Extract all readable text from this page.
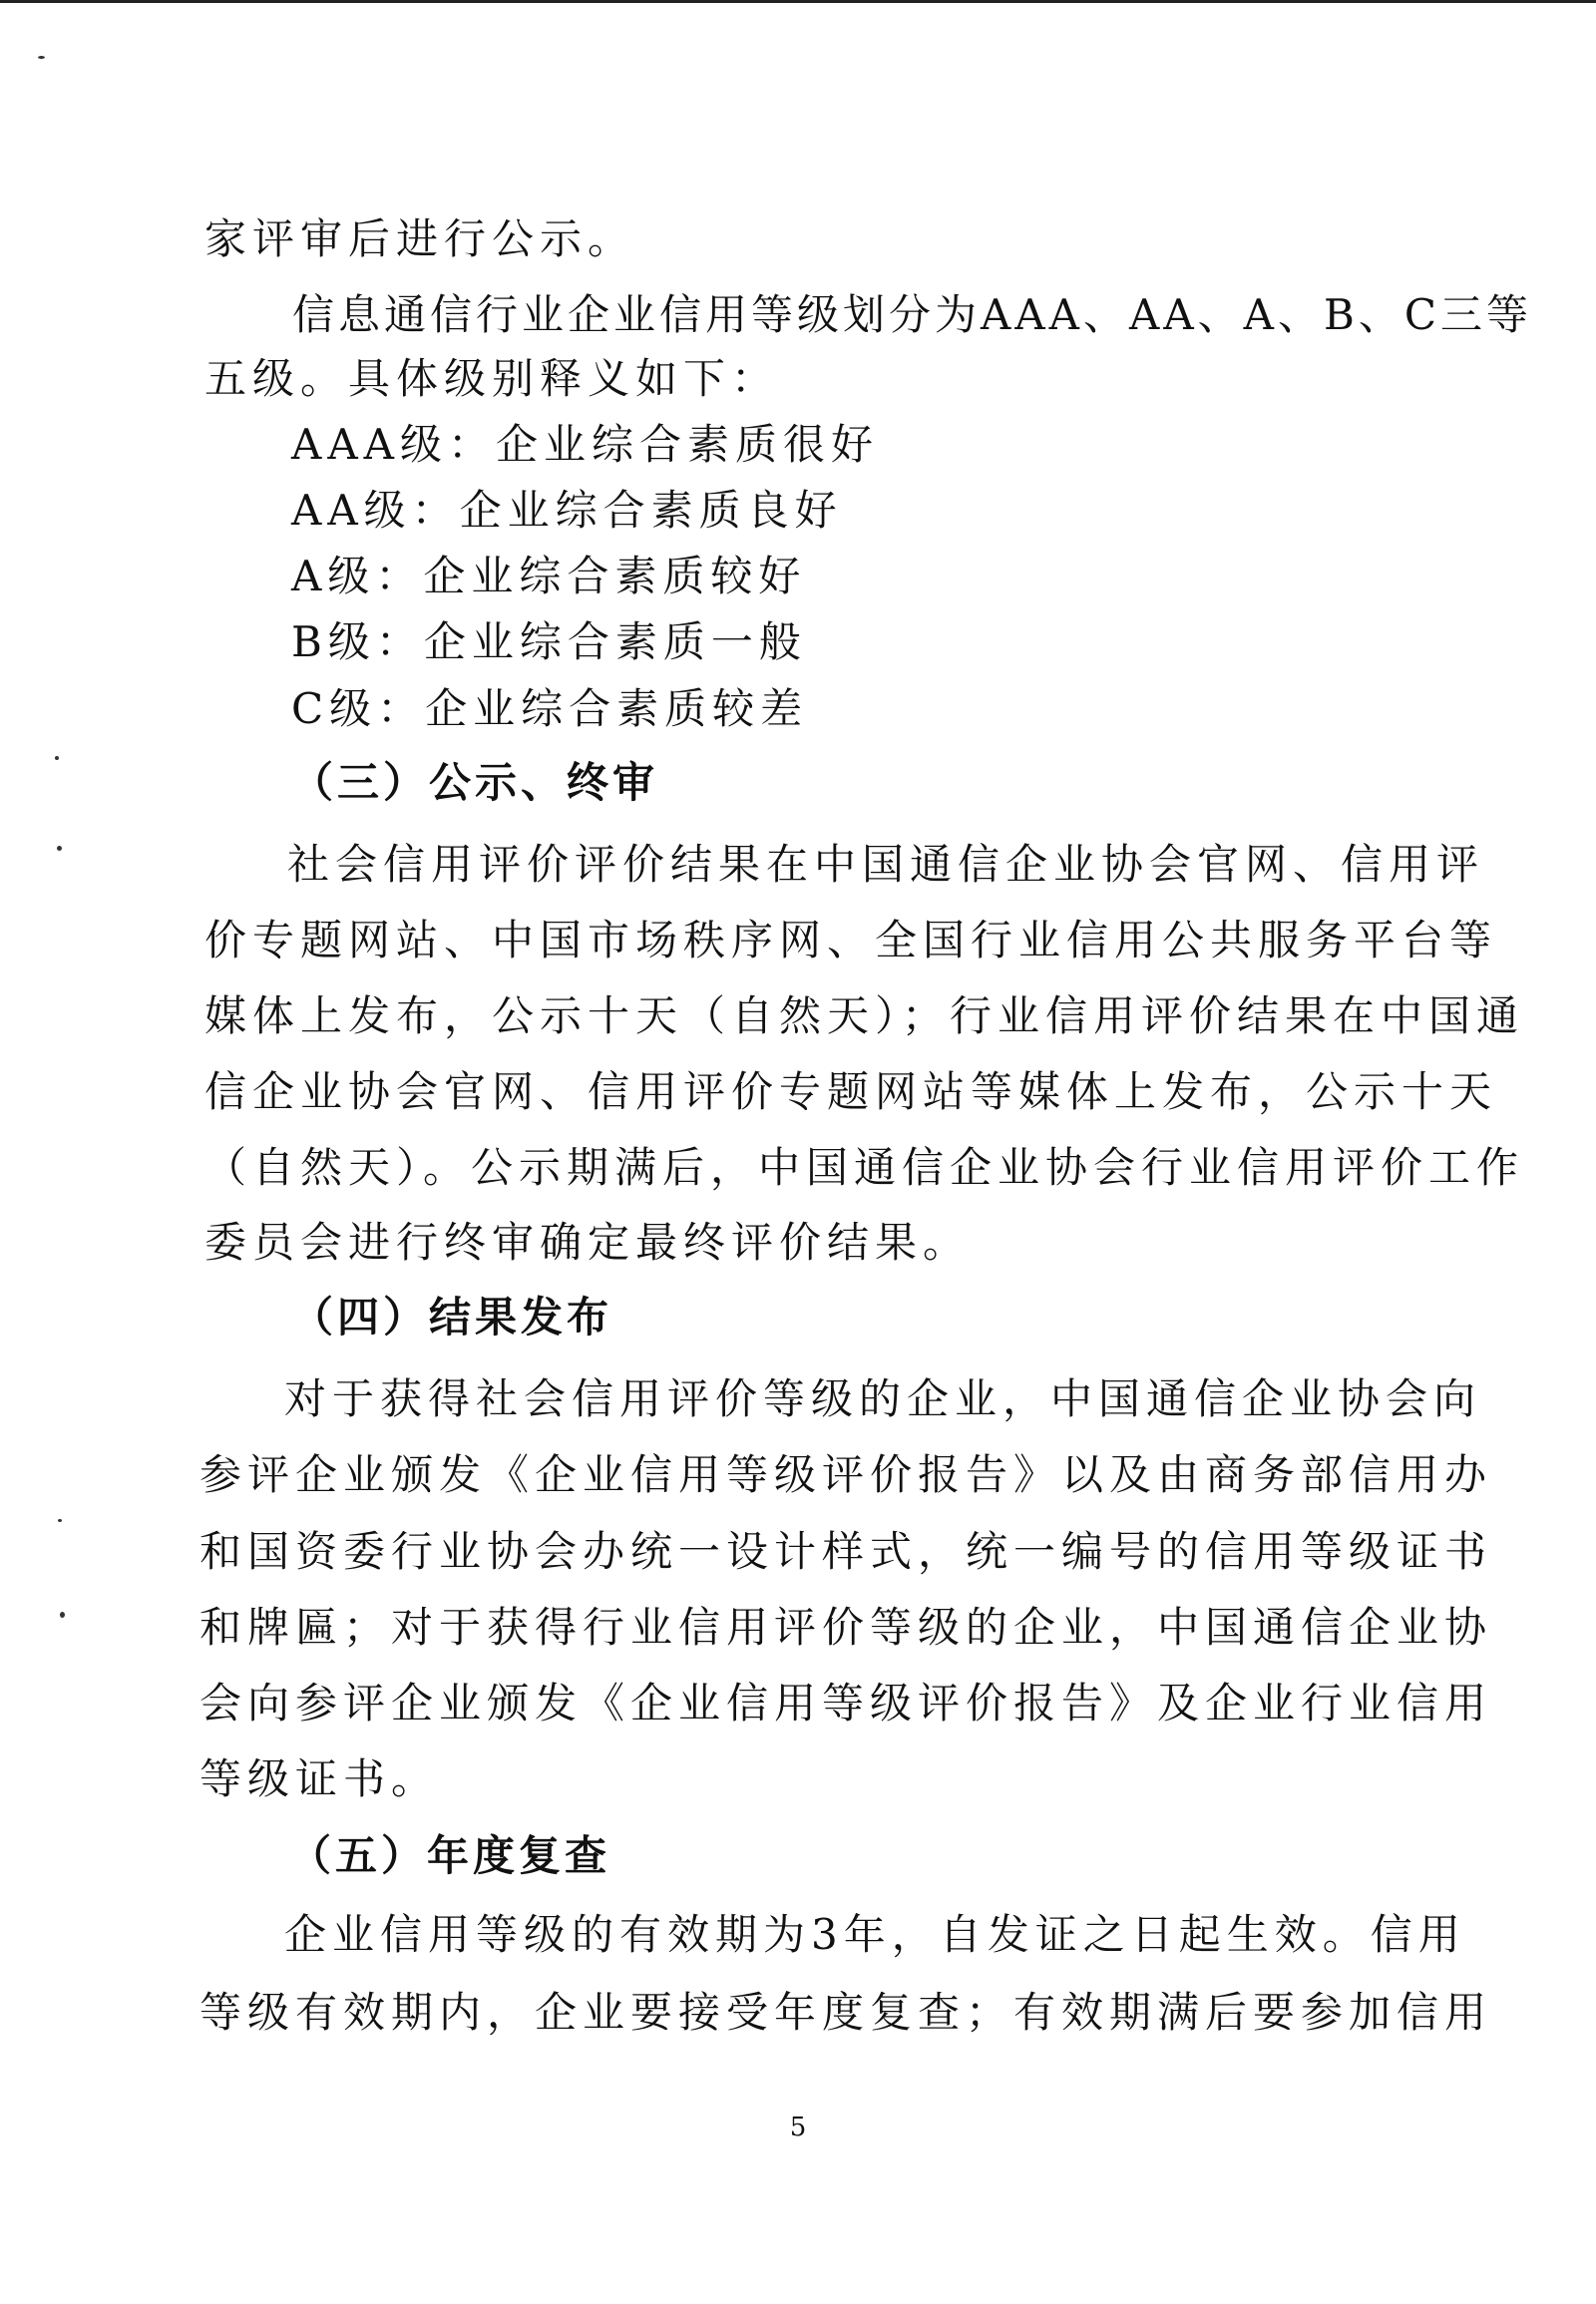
家评审后进行公示。
信息通信行业企业信用等级划分为AAA、AA、A、B、C三等
五级。具体级别释义如下：
AAA级：企业综合素质很好
AA级：企业综合素质良好
A级：企业综合素质较好
B级：企业综合素质一般
C级：企业综合素质较差
（三）公示、终审
社会信用评价评价结果在中国通信企业协会官网、信用评
价专题网站、中国市场秩序网、全国行业信用公共服务平台等
媒体上发布，公示十天（自然天）；行业信用评价结果在中国通
信企业协会官网、信用评价专题网站等媒体上发布，公示十天
（自然天）。公示期满后，中国通信企业协会行业信用评价工作
委员会进行终审确定最终评价结果。
（四）结果发布
对于获得社会信用评价等级的企业，中国通信企业协会向
参评企业颁发《企业信用等级评价报告》以及由商务部信用办
和国资委行业协会办统一设计样式，统一编号的信用等级证书
和牌匾；对于获得行业信用评价等级的企业，中国通信企业协
会向参评企业颁发《企业信用等级评价报告》及企业行业信用
等级证书。
（五）年度复查
企业信用等级的有效期为3年，自发证之日起生效。信用
等级有效期内，企业要接受年度复查；有效期满后要参加信用
5
